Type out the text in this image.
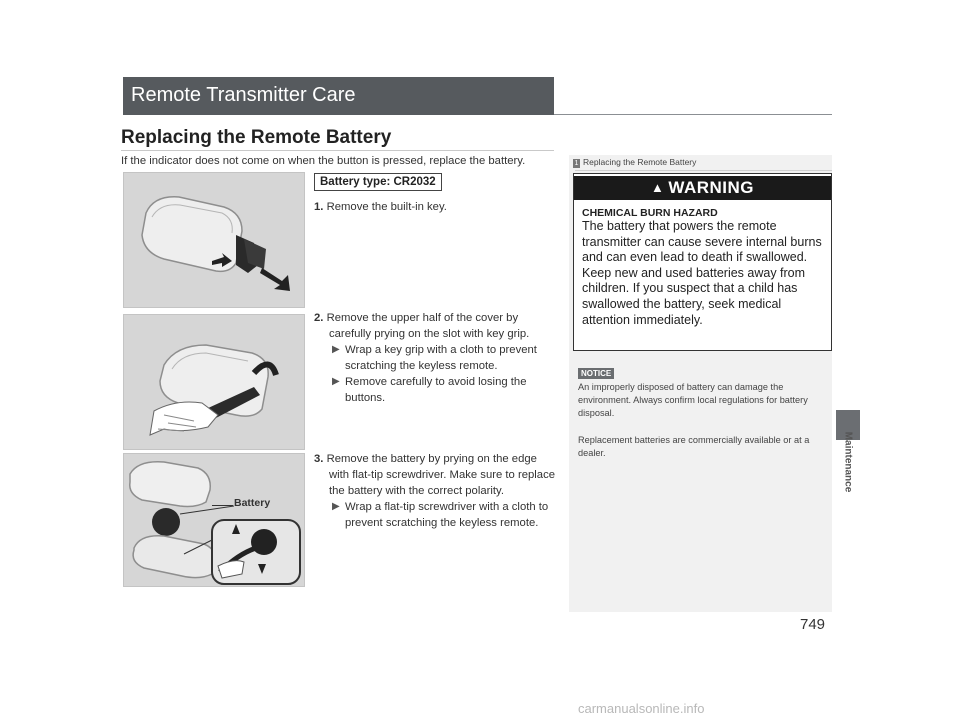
Remote Transmitter Care
Replacing the Remote Battery
If the indicator does not come on when the button is pressed, replace the battery.
Maintenance
Battery
Battery type: CR2032
1. Remove the built-in key.
2. Remove the upper half of the cover by carefully prying on the slot with key grip.
▶ Wrap a key grip with a cloth to prevent scratching the keyless remote.
▶ Remove carefully to avoid losing the buttons.
3. Remove the battery by prying on the edge with flat-tip screwdriver. Make sure to replace the battery with the correct polarity.
▶ Wrap a flat-tip screwdriver with a cloth to prevent scratching the keyless remote.
1 Replacing the Remote Battery
▲ WARNING
CHEMICAL BURN HAZARD
The battery that powers the remote transmitter can cause severe internal burns and can even lead to death if swallowed. Keep new and used batteries away from children. If you suspect that a child has swallowed the battery, seek medical attention immediately.
NOTICE
An improperly disposed of battery can damage the environment. Always confirm local regulations for battery disposal.
Replacement batteries are commercially available or at a dealer.
749
carmanualsonline.info
